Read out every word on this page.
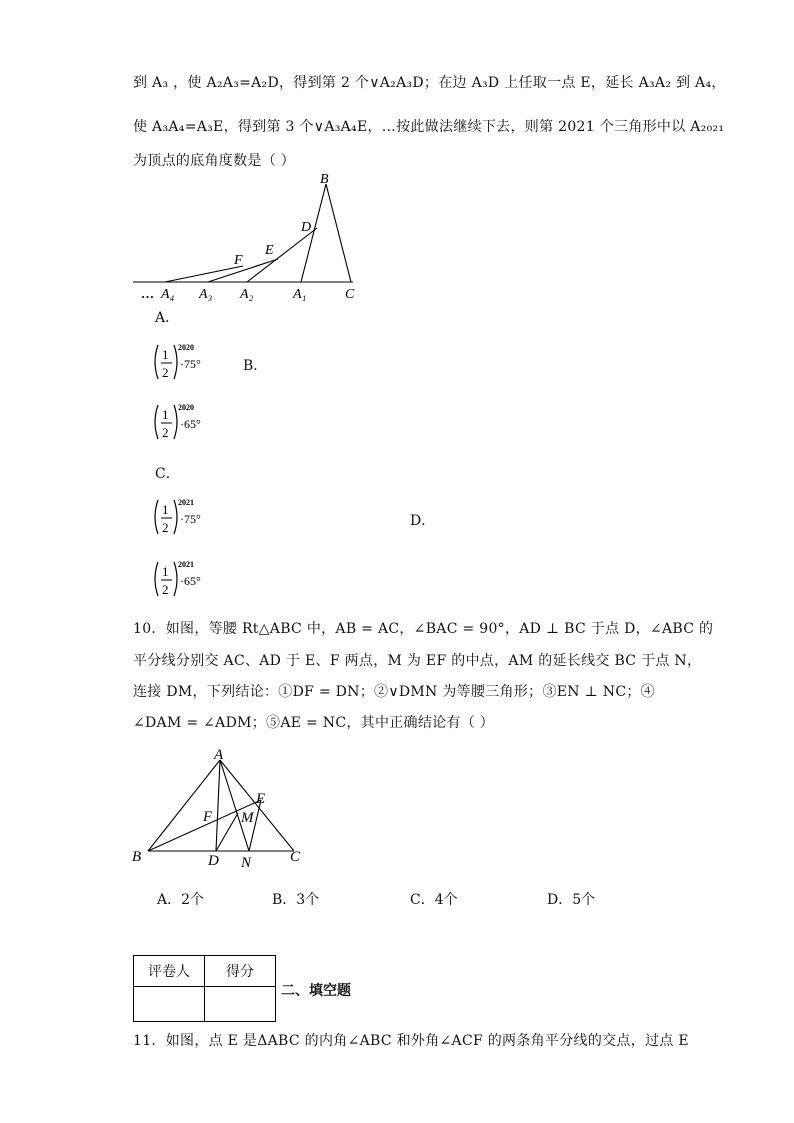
到 A₃ ，使 A₂A₃=A₂D，得到第 2 个∨A₂A₃D；在边 A₃D 上任取一点 E，延长 A₃A₂ 到 A₄，
使 A₃A₄=A₃E，得到第 3 个∨A₃A₄E，…按此做法继续下去，则第 2021 个三角形中以 A₂₀₂₁
为顶点的底角度数是（ ）
B
D
E
F
… A₄ A₃ A₂	A₁	C
A．
1
2
2020
·75°	B．
1
2
2020
·65°
C．
1
2
2021
·75°	D．
1
2
2021
·65°
10．如图，等腰 Rt△ABC 中，AB = AC，∠BAC = 90°，AD ⊥ BC 于点 D，∠ABC 的
平分线分别交 AC、AD 于 E、F 两点，M 为 EF 的中点，AM 的延长线交 BC 于点 N，
连接 DM，下列结论：①DF = DN；②∨DMN 为等腰三角形；③EN ⊥ NC；④
∠DAM = ∠ADM；⑤AE = NC，其中正确结论有（ ）
A
E
F M
B	D N	C
A．2个	B．3个	C．4个	D．5个
评卷人	得分

二、填空题
11．如图，点 E 是ΔABC 的内角∠ABC 和外角∠ACF 的两条角平分线的交点，过点 E
